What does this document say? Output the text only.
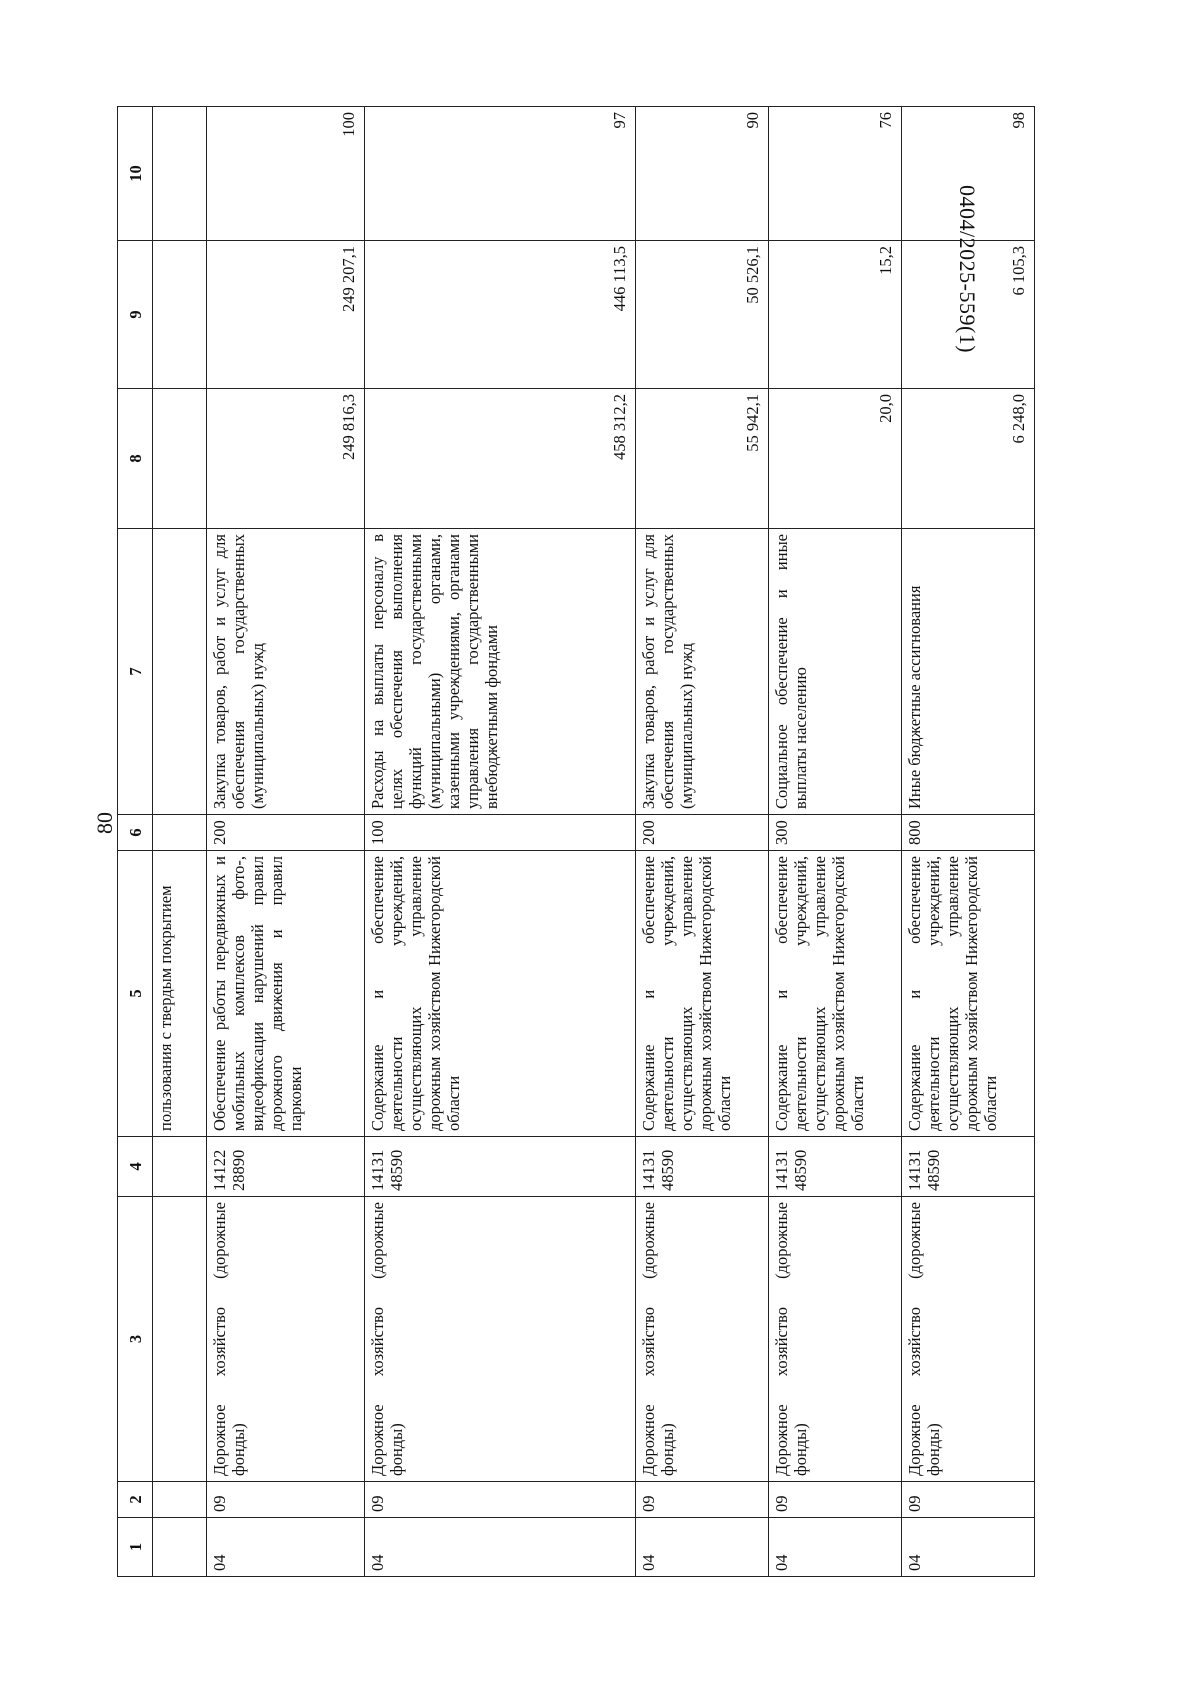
80
0404/2025-559(1)
1	2	3	4	5	6	7	8	9	10
				пользования с твердым покрытием					
04	09	Дорожное хозяйство (дорожные фонды)	1412228890	Обеспечение работы передвижных и мобильных комплексов фото-, видеофиксации нарушений правил дорожного движения и правил парковки	200	Закупка товаров, работ и услуг для обеспечения государственных (муниципальных) нужд	249 816,3	249 207,1	100
04	09	Дорожное хозяйство (дорожные фонды)	1413148590	Содержание и обеспечение деятельности учреждений, осуществляющих управление дорожным хозяйством Нижегородской области	100	Расходы на выплаты персоналу в целях обеспечения выполнения функций государственными (муниципальными) органами, казенными учреждениями, органами управления государственными внебюджетными фондами	458 312,2	446 113,5	97
04	09	Дорожное хозяйство (дорожные фонды)	1413148590	Содержание и обеспечение деятельности учреждений, осуществляющих управление дорожным хозяйством Нижегородской области	200	Закупка товаров, работ и услуг для обеспечения государственных (муниципальных) нужд	55 942,1	50 526,1	90
04	09	Дорожное хозяйство (дорожные фонды)	1413148590	Содержание и обеспечение деятельности учреждений, осуществляющих управление дорожным хозяйством Нижегородской области	300	Социальное обеспечение и иные выплаты населению	20,0	15,2	76
04	09	Дорожное хозяйство (дорожные фонды)	1413148590	Содержание и обеспечение деятельности учреждений, осуществляющих управление дорожным хозяйством Нижегородской области	800	Иные бюджетные ассигнования	6 248,0	6 105,3	98
